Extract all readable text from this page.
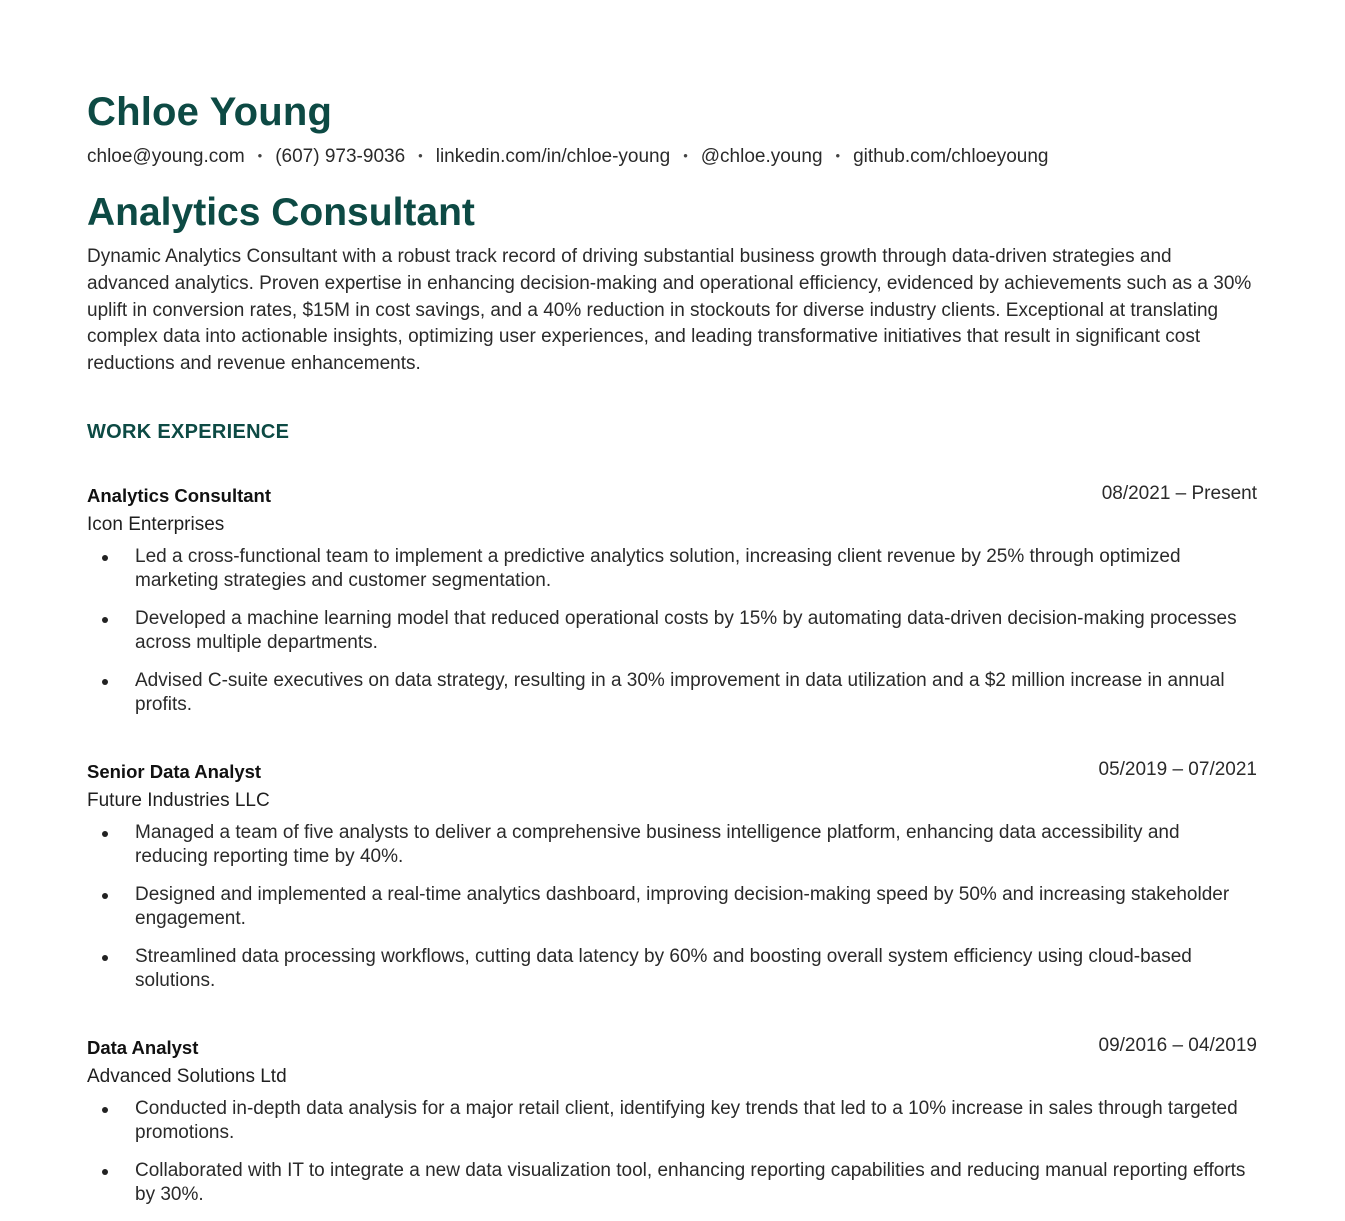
Chloe Young
chloe@young.com • (607) 973-9036 • linkedin.com/in/chloe-young • @chloe.young • github.com/chloeyoung
Analytics Consultant
Dynamic Analytics Consultant with a robust track record of driving substantial business growth through data-driven strategies and advanced analytics. Proven expertise in enhancing decision-making and operational efficiency, evidenced by achievements such as a 30% uplift in conversion rates, $15M in cost savings, and a 40% reduction in stockouts for diverse industry clients. Exceptional at translating complex data into actionable insights, optimizing user experiences, and leading transformative initiatives that result in significant cost reductions and revenue enhancements.
WORK EXPERIENCE
Analytics Consultant	08/2021 – Present
Icon Enterprises
Led a cross-functional team to implement a predictive analytics solution, increasing client revenue by 25% through optimized marketing strategies and customer segmentation.
Developed a machine learning model that reduced operational costs by 15% by automating data-driven decision-making processes across multiple departments.
Advised C-suite executives on data strategy, resulting in a 30% improvement in data utilization and a $2 million increase in annual profits.
Senior Data Analyst	05/2019 – 07/2021
Future Industries LLC
Managed a team of five analysts to deliver a comprehensive business intelligence platform, enhancing data accessibility and reducing reporting time by 40%.
Designed and implemented a real-time analytics dashboard, improving decision-making speed by 50% and increasing stakeholder engagement.
Streamlined data processing workflows, cutting data latency by 60% and boosting overall system efficiency using cloud-based solutions.
Data Analyst	09/2016 – 04/2019
Advanced Solutions Ltd
Conducted in-depth data analysis for a major retail client, identifying key trends that led to a 10% increase in sales through targeted promotions.
Collaborated with IT to integrate a new data visualization tool, enhancing reporting capabilities and reducing manual reporting efforts by 30%.
